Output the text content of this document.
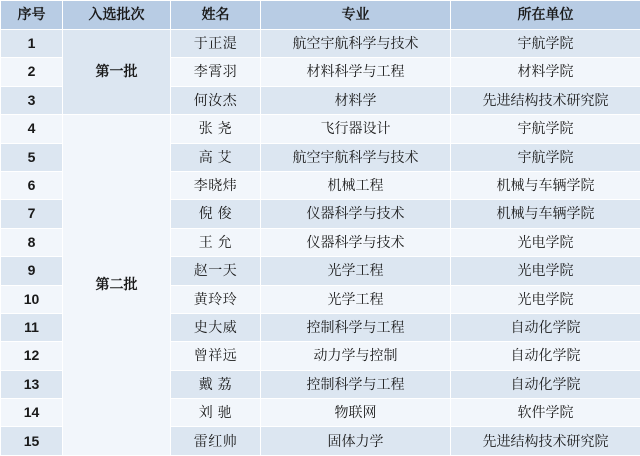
序号	入选批次	姓名	专业	所在单位
1	第一批	于正湜	航空宇航科学与技术	宇航学院
2		李霄羽	材料科学与工程	材料学院
3		何汝杰	材料学	先进结构技术研究院
4	第二批	张 尧	飞行器设计	宇航学院
5		高 艾	航空宇航科学与技术	宇航学院
6		李晓炜	机械工程	机械与车辆学院
7		倪 俊	仪器科学与技术	机械与车辆学院
8		王 允	仪器科学与技术	光电学院
9		赵一天	光学工程	光电学院
10		黄玲玲	光学工程	光电学院
11		史大威	控制科学与工程	自动化学院
12		曾祥远	动力学与控制	自动化学院
13		戴 荔	控制科学与工程	自动化学院
14		刘 驰	物联网	软件学院
15		雷红帅	固体力学	先进结构技术研究院
